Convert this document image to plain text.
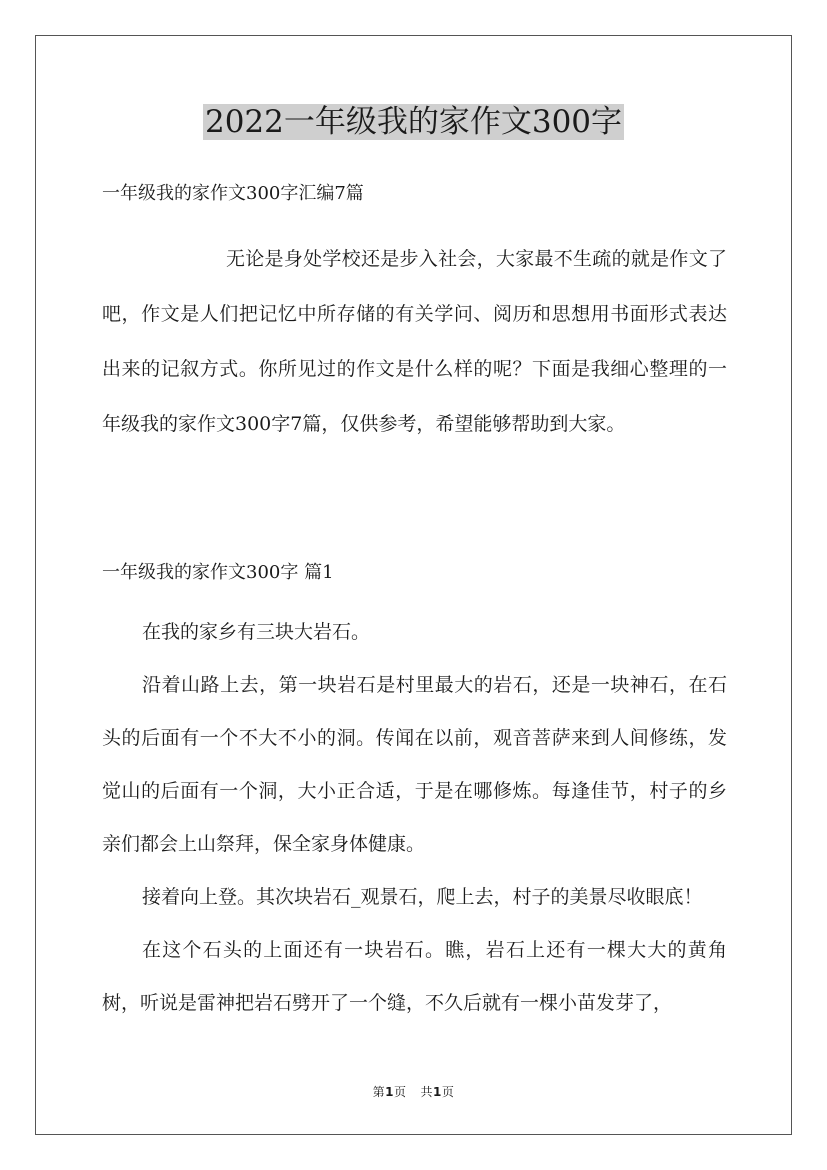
2022一年级我的家作文300字
一年级我的家作文300字汇编7篇
无论是身处学校还是步入社会，大家最不生疏的就是作文了吧，作文是人们把记忆中所存储的有关学问、阅历和思想用书面形式表达出来的记叙方式。你所见过的作文是什么样的呢？下面是我细心整理的一年级我的家作文300字7篇，仅供参考，希望能够帮助到大家。
一年级我的家作文300字 篇1

在我的家乡有三块大岩石。

沿着山路上去，第一块岩石是村里最大的岩石，还是一块神石，在石头的后面有一个不大不小的洞。传闻在以前，观音菩萨来到人间修练，发觉山的后面有一个洞，大小正合适，于是在哪修炼。每逢佳节，村子的乡亲们都会上山祭拜，保全家身体健康。

接着向上登。其次块岩石_观景石，爬上去，村子的美景尽收眼底！

在这个石头的上面还有一块岩石。瞧，岩石上还有一棵大大的黄角树，听说是雷神把岩石劈开了一个缝，不久后就有一棵小苗发芽了，

第1页 共1页
